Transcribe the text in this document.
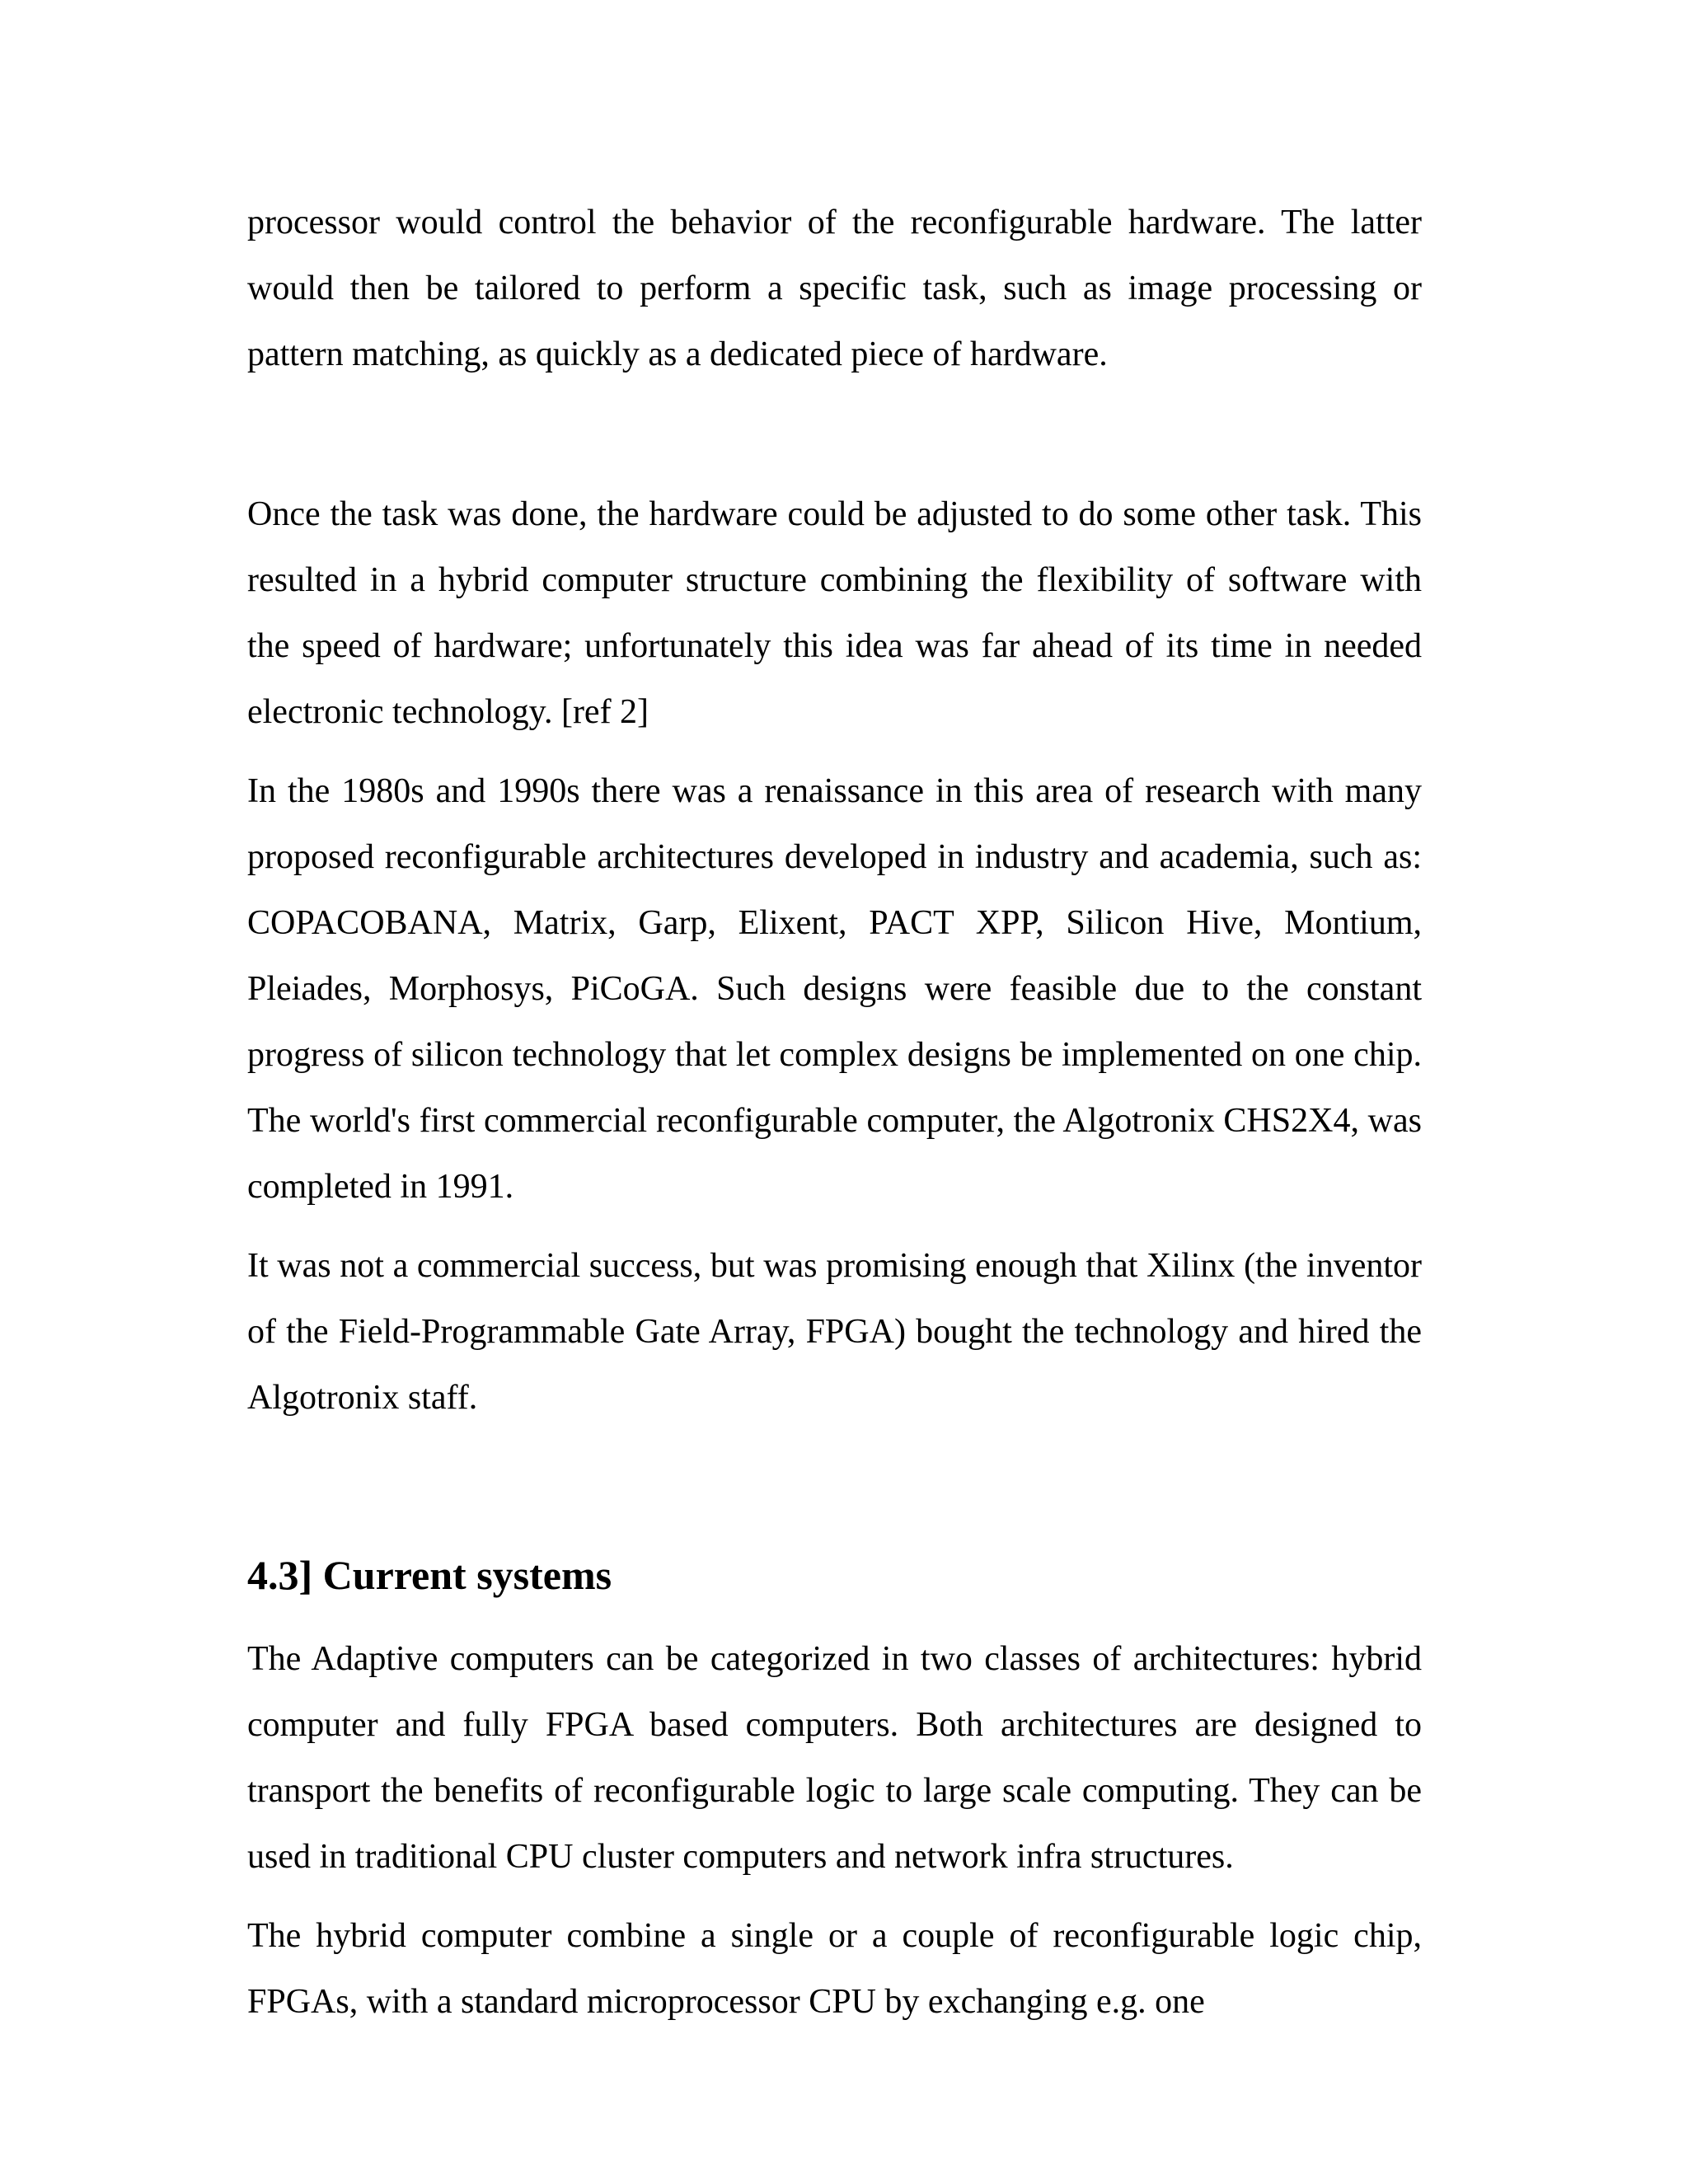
processor would control the behavior of the reconfigurable hardware. The latter would then be tailored to perform a specific task, such as image processing or pattern matching, as quickly as a dedicated piece of hardware.

Once the task was done, the hardware could be adjusted to do some other task. This resulted in a hybrid computer structure combining the flexibility of software with the speed of hardware; unfortunately this idea was far ahead of its time in needed electronic technology. [ref 2]

In the 1980s and 1990s there was a renaissance in this area of research with many proposed reconfigurable architectures developed in industry and academia, such as: COPACOBANA, Matrix, Garp, Elixent, PACT XPP, Silicon Hive, Montium, Pleiades, Morphosys, PiCoGA. Such designs were feasible due to the constant progress of silicon technology that let complex designs be implemented on one chip. The world's first commercial reconfigurable computer, the Algotronix CHS2X4, was completed in 1991.

It was not a commercial success, but was promising enough that Xilinx (the inventor of the Field-Programmable Gate Array, FPGA) bought the technology and hired the Algotronix staff.

4.3] Current systems

The Adaptive computers can be categorized in two classes of architectures: hybrid computer and fully FPGA based computers. Both architectures are designed to transport the benefits of reconfigurable logic to large scale computing. They can be used in traditional CPU cluster computers and network infra structures.

The hybrid computer combine a single or a couple of reconfigurable logic chip, FPGAs, with a standard microprocessor CPU by exchanging e.g. one
